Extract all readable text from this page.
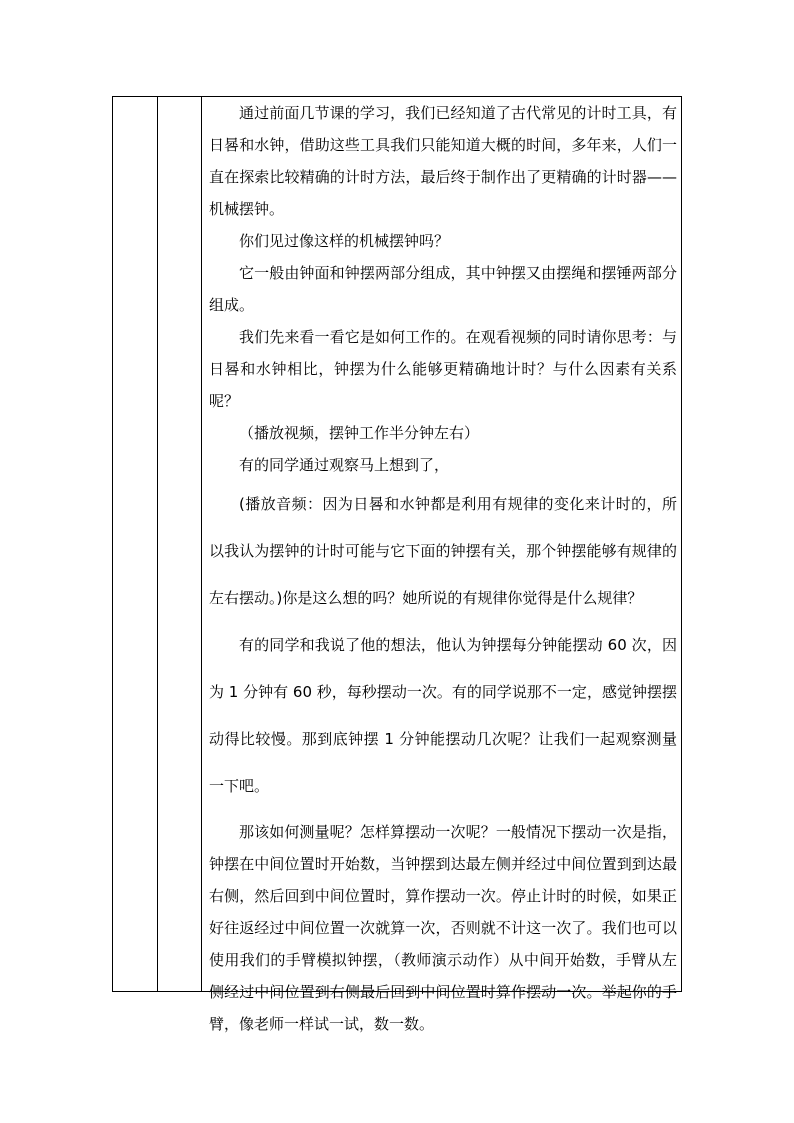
通过前面几节课的学习，我们已经知道了古代常见的计时工具，有日晷和水钟，借助这些工具我们只能知道大概的时间，多年来，人们一直在探索比较精确的计时方法，最后终于制作出了更精确的计时器——机械摆钟。

你们见过像这样的机械摆钟吗？

它一般由钟面和钟摆两部分组成，其中钟摆又由摆绳和摆锤两部分组成。

我们先来看一看它是如何工作的。在观看视频的同时请你思考：与日晷和水钟相比，钟摆为什么能够更精确地计时？与什么因素有关系呢？

（播放视频，摆钟工作半分钟左右）

有的同学通过观察马上想到了，

(播放音频：因为日晷和水钟都是利用有规律的变化来计时的，所以我认为摆钟的计时可能与它下面的钟摆有关，那个钟摆能够有规律的左右摆动。)你是这么想的吗？她所说的有规律你觉得是什么规律？

有的同学和我说了他的想法，他认为钟摆每分钟能摆动 60 次，因为 1 分钟有 60 秒，每秒摆动一次。有的同学说那不一定，感觉钟摆摆动得比较慢。那到底钟摆 1 分钟能摆动几次呢？让我们一起观察测量一下吧。

那该如何测量呢？怎样算摆动一次呢？一般情况下摆动一次是指，钟摆在中间位置时开始数，当钟摆到达最左侧并经过中间位置到到达最右侧，然后回到中间位置时，算作摆动一次。停止计时的时候，如果正好往返经过中间位置一次就算一次，否则就不计这一次了。我们也可以使用我们的手臂模拟钟摆，（教师演示动作）从中间开始数，手臂从左侧经过中间位置到右侧最后回到中间位置时算作摆动一次。举起你的手臂，像老师一样试一试，数一数。
